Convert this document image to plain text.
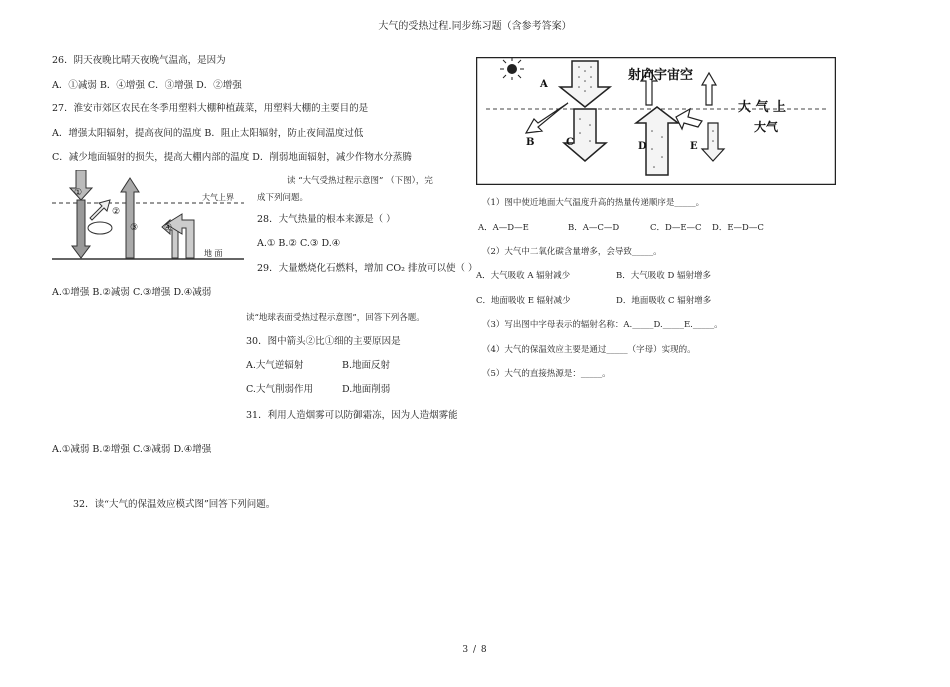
大气的受热过程.同步练习题（含参考答案）
26．阴天夜晚比晴天夜晚气温高，是因为
A．①减弱 B．④增强 C．③增强 D．②增强
27．淮安市郊区农民在冬季用塑料大棚种植蔬菜，用塑料大棚的主要目的是
A．增强太阳辐射，提高夜间的温度 B．阻止太阳辐射，防止夜间温度过低
C．减少地面辐射的损失，提高大棚内部的温度 D．削弱地面辐射，减少作物水分蒸腾
①
②
③	④
大气上界
地 面
A.①增强 B.②减弱 C.③增强 D.④减弱
读 “大气受热过程示意图” （下图），完
成下列问题。
28．大气热量的根本来源是（ ）
A.① B.② C.③ D.④
29．大量燃烧化石燃料，增加 CO₂ 排放可以使（ ）
读“地球表面受热过程示意图”，回答下列各题。
30．图中箭头②比①细的主要原因是
A.大气逆辐射	B.地面反射
C.大气削弱作用	D.地面削弱
31．利用人造烟雾可以防御霜冻，因为人造烟雾能
A.①减弱 B.②增强 C.③减弱 D.④增强
32．读“大气的保温效应模式图”回答下列问题。
A
B	C	D	E
射向宇宙空
大 气 上
大气
（1）图中使近地面大气温度升高的热量传递顺序是_____。
A．A—D—E	B．A—C—D	C．D—E—C D．E—D—C
（2）大气中二氧化碳含量增多，会导致_____。
A．大气吸收 A 辐射减少	B．大气吸收 D 辐射增多
C．地面吸收 E 辐射减少	D．地面吸收 C 辐射增多
（3）写出图中字母表示的辐射名称：A._____D._____E._____。
（4）大气的保温效应主要是通过_____（字母）实现的。
（5）大气的直接热源是：_____。
3 / 8
